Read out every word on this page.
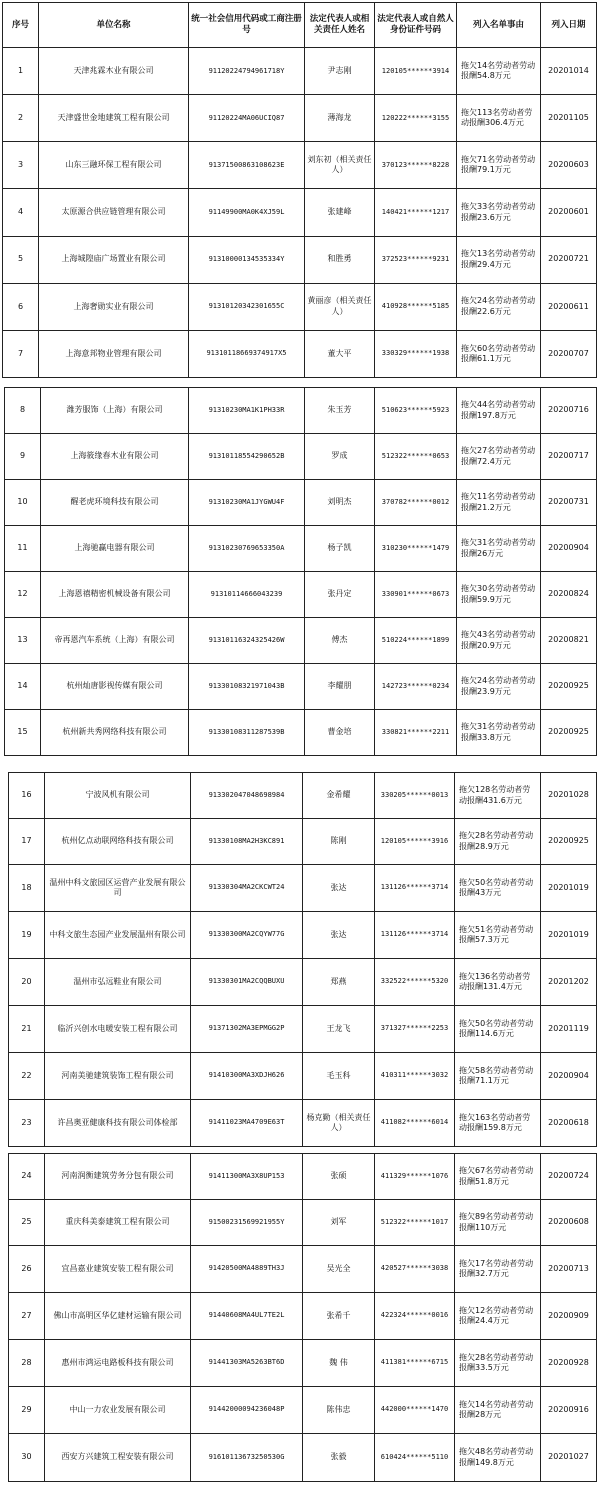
序号	单位名称	统一社会信用代码或工商注册号	法定代表人或相关责任人姓名	法定代表人或自然人身份证件号码	列入名单事由	列入日期
1	天津兆霖木业有限公司	91120224794961718Y	尹志刚	120105******3914	拖欠14名劳动者劳动报酬54.8万元	20201014
2	天津盛世金地建筑工程有限公司	91120224MA06UCIQ87	薄海龙	120222******3155	拖欠113名劳动者劳动报酬306.4万元	20201105
3	山东三融环保工程有限公司	91371500863108623E	刘东初（相关责任人）	370123******8228	拖欠71名劳动者劳动报酬79.1万元	20200603
4	太原源合供应链管理有限公司	91149900MA0K4XJ59L	张建峰	140421******1217	拖欠33名劳动者劳动报酬23.6万元	20200601
5	上海城隍庙广场置业有限公司	91310000134535334Y	和胜勇	372523******9231	拖欠13名劳动者劳动报酬29.4万元	20200721
6	上海奢勋实业有限公司	91310120342301655C	黄丽彦（相关责任人）	410928******5185	拖欠24名劳动者劳动报酬22.6万元	20200611
7	上海意邦物业管理有限公司	91310118669374917X5	董大平	330329******1938	拖欠60名劳动者劳动报酬61.1万元	20200707
8	潍芳服饰（上海）有限公司	91310230MA1K1PH33R	朱玉芳	510623******5923	拖欠44名劳动者劳动报酬197.8万元	20200716
9	上海筱缘春木业有限公司	91310118554290652B	罗成	512322******0653	拖欠27名劳动者劳动报酬72.4万元	20200717
10	醒老虎环境科技有限公司	91310230MA1JYGWU4F	刘明杰	370782******0012	拖欠11名劳动者劳动报酬21.2万元	20200731
11	上海驰赢电器有限公司	91310230769653350A	杨子凯	310230******1479	拖欠31名劳动者劳动报酬26万元	20200904
12	上海恩禧精密机械设备有限公司	91310114666043239	张丹定	330901******0673	拖欠30名劳动者劳动报酬59.9万元	20200824
13	帝再恩汽车系统（上海）有限公司	91310116324325426W	傅杰	510224******1899	拖欠43名劳动者劳动报酬20.9万元	20200821
14	杭州灿唐影视传媒有限公司	91330108321971043B	李耀朋	142723******0234	拖欠24名劳动者劳动报酬23.9万元	20200925
15	杭州新共秀网络科技有限公司	91330108311287539B	曹金培	330821******2211	拖欠31名劳动者劳动报酬33.8万元	20200925
16	宁波风机有限公司	913302047048698984	金希耀	330205******0013	拖欠128名劳动者劳动报酬431.6万元	20201028
17	杭州亿点动联网络科技有限公司	91330108MA2H3KC891	陈刚	120105******3916	拖欠28名劳动者劳动报酬28.9万元	20200925
18	温州中科文旅园区运营产业发展有限公司	91330304MA2CKCWT24	张达	131126******3714	拖欠50名劳动者劳动报酬43万元	20201019
19	中科文旅生态园产业发展温州有限公司	91330300MA2CQYW77G	张达	131126******3714	拖欠51名劳动者劳动报酬57.3万元	20201019
20	温州市弘远鞋业有限公司	91330301MA2CQQBUXU	郑燕	332522******5320	拖欠136名劳动者劳动报酬131.4万元	20201202
21	临沂兴创水电暖安装工程有限公司	91371302MA3EPMGG2P	王龙飞	371327******2253	拖欠50名劳动者劳动报酬114.6万元	20201119
22	河南美驰建筑装饰工程有限公司	91410300MA3XDJH626	毛玉科	410311******3032	拖欠58名劳动者劳动报酬71.1万元	20200904
23	许昌奥亚健康科技有限公司体检部	91411023MA4709E63T	杨克勤（相关责任人）	411082******6014	拖欠163名劳动者劳动报酬159.8万元	20200618
24	河南润衡建筑劳务分包有限公司	91411300MA3X8UP153	张硕	411329******1076	拖欠67名劳动者劳动报酬51.8万元	20200724
25	重庆科美泰建筑工程有限公司	91500231569921955Y	刘军	512322******1017	拖欠89名劳动者劳动报酬110万元	20200608
26	宜昌嘉业建筑安装工程有限公司	91420500MA4889TH3J	吴光全	420527******3038	拖欠17名劳动者劳动报酬32.7万元	20200713
27	佛山市高明区华亿建材运输有限公司	91440608MA4UL7TE2L	张希千	422324******0016	拖欠12名劳动者劳动报酬24.4万元	20200909
28	惠州市鸿运电路板科技有限公司	91441303MA5263BT6D	魏 伟	411381******6715	拖欠28名劳动者劳动报酬33.5万元	20200928
29	中山一力农业发展有限公司	91442000094236048P	陈伟忠	442000******1470	拖欠14名劳动者劳动报酬28万元	20200916
30	西安方兴建筑工程安装有限公司	91610113673250530G	张毅	610424******5110	拖欠48名劳动者劳动报酬149.8万元	20201027
